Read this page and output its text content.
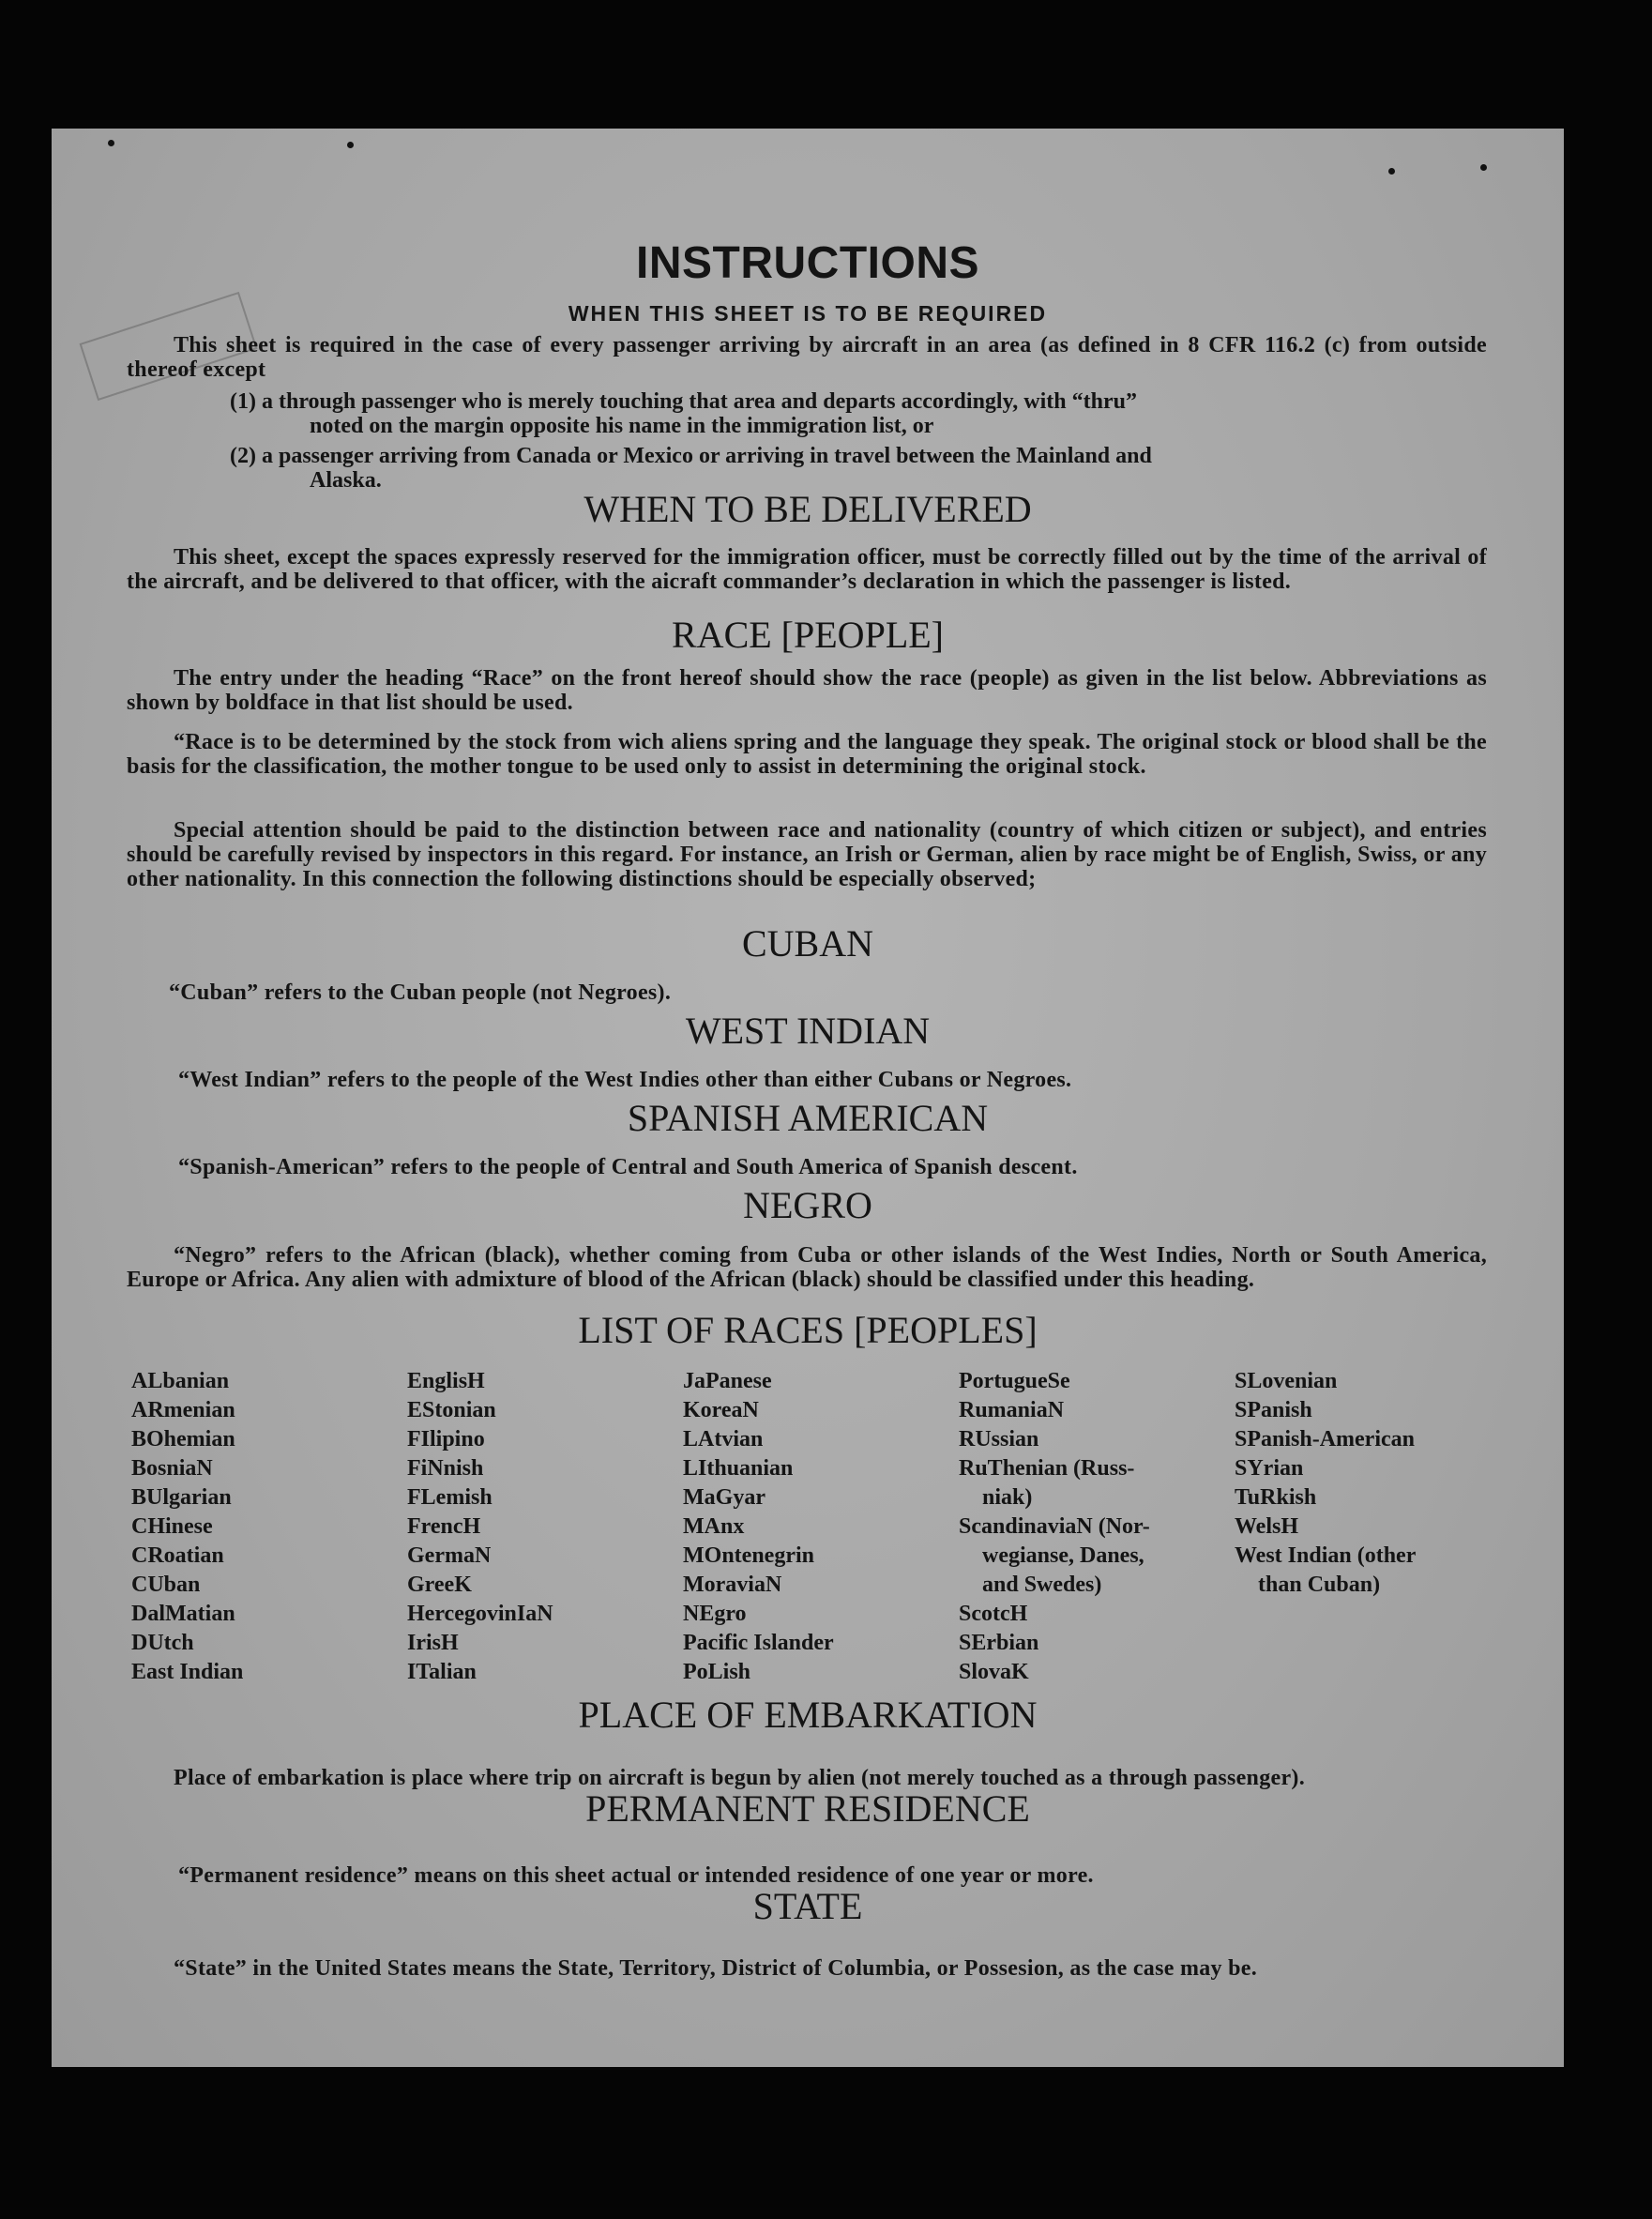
INSTRUCTIONS
WHEN THIS SHEET IS TO BE REQUIRED
This sheet is required in the case of every passenger arriving by aircraft in an area (as defined in 8 CFR 116.2 (c) from outside thereof except
(1) a through passenger who is merely touching that area and departs accordingly, with “thru”
noted on the margin opposite his name in the immigration list, or
(2) a passenger arriving from Canada or Mexico or arriving in travel between the Mainland and
Alaska.
WHEN TO BE DELIVERED
This sheet, except the spaces expressly reserved for the immigration officer, must be correctly filled out by the time of the arrival of the aircraft, and be delivered to that officer, with the aicraft commander’s declaration in which the passenger is listed.
RACE [PEOPLE]
The entry under the heading “Race” on the front hereof should show the race (people) as given in the list below. Abbreviations as shown by boldface in that list should be used.
“Race is to be determined by the stock from wich aliens spring and the language they speak. The original stock or blood shall be the basis for the classification, the mother tongue to be used only to assist in determining the original stock.
Special attention should be paid to the distinction between race and nationality (country of which citizen or subject), and entries should be carefully revised by inspectors in this regard. For instance, an Irish or German, alien by race might be of English, Swiss, or any other nationality. In this connection the following distinctions should be especially observed;
CUBAN
“Cuban” refers to the Cuban people (not Negroes).
WEST INDIAN
“West Indian” refers to the people of the West Indies other than either Cubans or Negroes.
SPANISH AMERICAN
“Spanish-American” refers to the people of Central and South America of Spanish descent.
NEGRO
“Negro” refers to the African (black), whether coming from Cuba or other islands of the West Indies, North or South America, Europe or Africa. Any alien with admixture of blood of the African (black) should be classified under this heading.
LIST OF RACES [PEOPLES]
ALbanian
ARmenian
BOhemian
BosniaN
BUlgarian
CHinese
CRoatian
CUban
DalMatian
DUtch
East Indian
EnglisH
EStonian
FIlipino
FiNnish
FLemish
FrencH
GermaN
GreeK
HercegovinIaN
IrisH
ITalian
JaPanese
KoreaN
LAtvian
LIthuanian
MaGyar
MAnx
MOntenegrin
MoraviaN
NEgro
Pacific Islander
PoLish
PortugueSe
RumaniaN
RUssian
RuThenian (Russ-
niak)
ScandinaviaN (Nor-
wegianse, Danes,
and Swedes)
ScotcH
SErbian
SlovaK
SLovenian
SPanish
SPanish-American
SYrian
TuRkish
WelsH
West Indian (other
than Cuban)
PLACE OF EMBARKATION
Place of embarkation is place where trip on aircraft is begun by alien (not merely touched as a through passenger).
PERMANENT RESIDENCE
“Permanent residence” means on this sheet actual or intended residence of one year or more.
STATE
“State” in the United States means the State, Territory, District of Columbia, or Possesion, as the case may be.
